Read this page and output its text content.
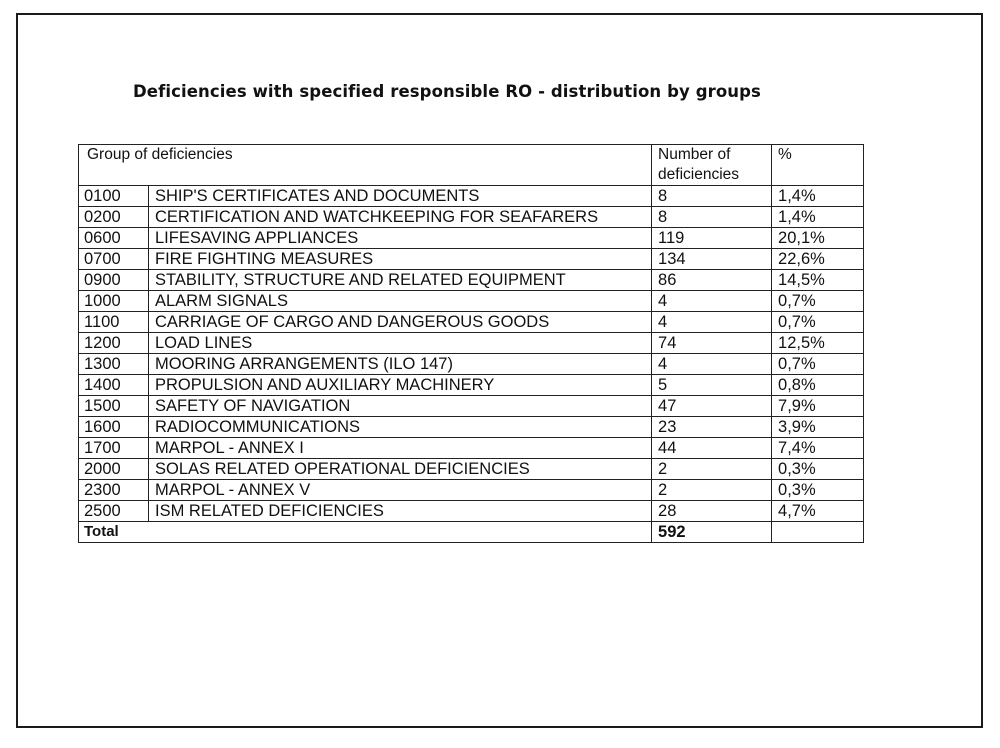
Deficiencies with specified responsible RO - distribution by groups
Group of deficiencies		Number of deficiencies	%
0100	SHIP'S CERTIFICATES AND DOCUMENTS	8	1,4%
0200	CERTIFICATION AND WATCHKEEPING FOR SEAFARERS	8	1,4%
0600	LIFESAVING APPLIANCES	119	20,1%
0700	FIRE FIGHTING MEASURES	134	22,6%
0900	STABILITY, STRUCTURE AND RELATED EQUIPMENT	86	14,5%
1000	ALARM SIGNALS	4	0,7%
1100	CARRIAGE OF CARGO AND DANGEROUS GOODS	4	0,7%
1200	LOAD LINES	74	12,5%
1300	MOORING ARRANGEMENTS (ILO 147)	4	0,7%
1400	PROPULSION AND AUXILIARY MACHINERY	5	0,8%
1500	SAFETY OF NAVIGATION	47	7,9%
1600	RADIOCOMMUNICATIONS	23	3,9%
1700	MARPOL - ANNEX I	44	7,4%
2000	SOLAS RELATED OPERATIONAL DEFICIENCIES	2	0,3%
2300	MARPOL - ANNEX V	2	0,3%
2500	ISM RELATED DEFICIENCIES	28	4,7%
Total		592	
